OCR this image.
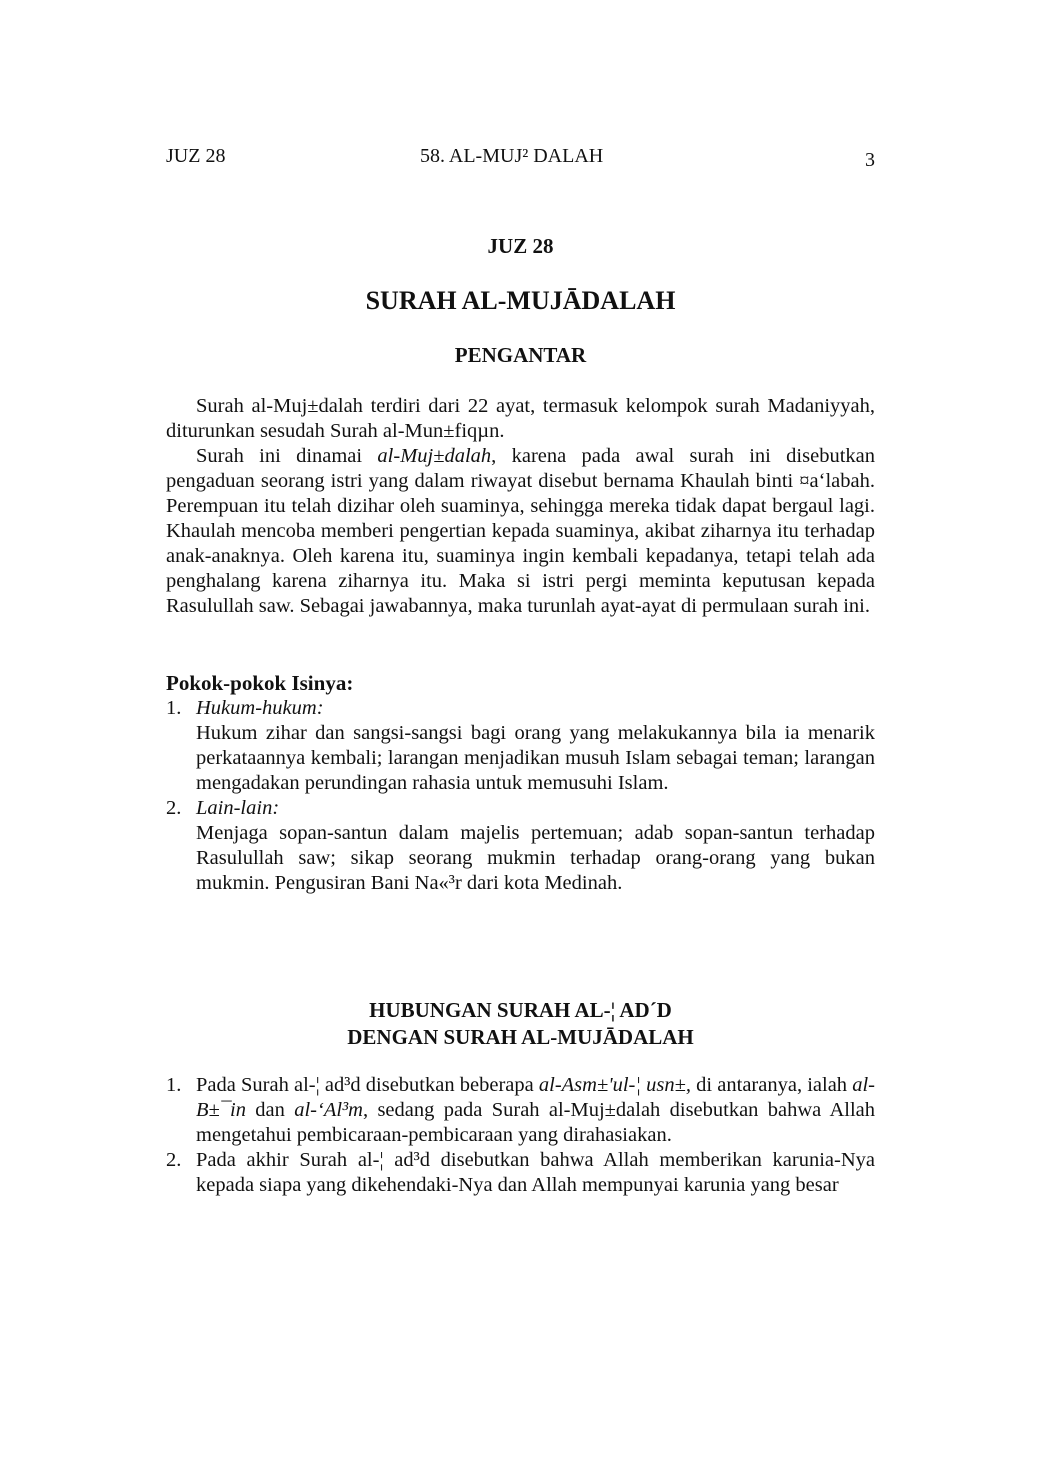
JUZ 28	58. AL-MUJ² DALAH	3
JUZ 28
SURAH AL-MUJĀDALAH
PENGANTAR

Surah al-Muj±dalah terdiri dari 22 ayat, termasuk kelompok surah Madaniyyah, diturunkan sesudah Surah al-Mun±fiqµn.

Surah ini dinamai al-Muj±dalah, karena pada awal surah ini disebutkan pengaduan seorang istri yang dalam riwayat disebut bernama Khaulah binti ¤a‘labah. Perempuan itu telah dizihar oleh suaminya, sehingga mereka tidak dapat bergaul lagi. Khaulah mencoba memberi pengertian kepada suaminya, akibat ziharnya itu terhadap anak-anaknya. Oleh karena itu, suaminya ingin kembali kepadanya, tetapi telah ada penghalang karena ziharnya itu. Maka si istri pergi meminta keputusan kepada Rasulullah saw. Sebagai jawabannya, maka turunlah ayat-ayat di permulaan surah ini.

Pokok-pokok Isinya:
1. Hukum-hukum:
Hukum zihar dan sangsi-sangsi bagi orang yang melakukannya bila ia menarik perkataannya kembali; larangan menjadikan musuh Islam sebagai teman; larangan mengadakan perundingan rahasia untuk memusuhi Islam.
2. Lain-lain:
Menjaga sopan-santun dalam majelis pertemuan; adab sopan-santun terhadap Rasulullah saw; sikap seorang mukmin terhadap orang-orang yang bukan mukmin. Pengusiran Bani Na«³r dari kota Medinah.
HUBUNGAN SURAH AL-¦ AD´D
DENGAN SURAH AL-MUJĀDALAH
1. Pada Surah al-¦ ad³d disebutkan beberapa al-Asm±'ul-¦ usn±, di antaranya, ialah al-B±¯in dan al-‘Al³m, sedang pada Surah al-Muj±dalah disebutkan bahwa Allah mengetahui pembicaraan-pembicaraan yang dirahasiakan.
2. Pada akhir Surah al-¦ ad³d disebutkan bahwa Allah memberikan karunia-Nya kepada siapa yang dikehendaki-Nya dan Allah mempunyai karunia yang besar
